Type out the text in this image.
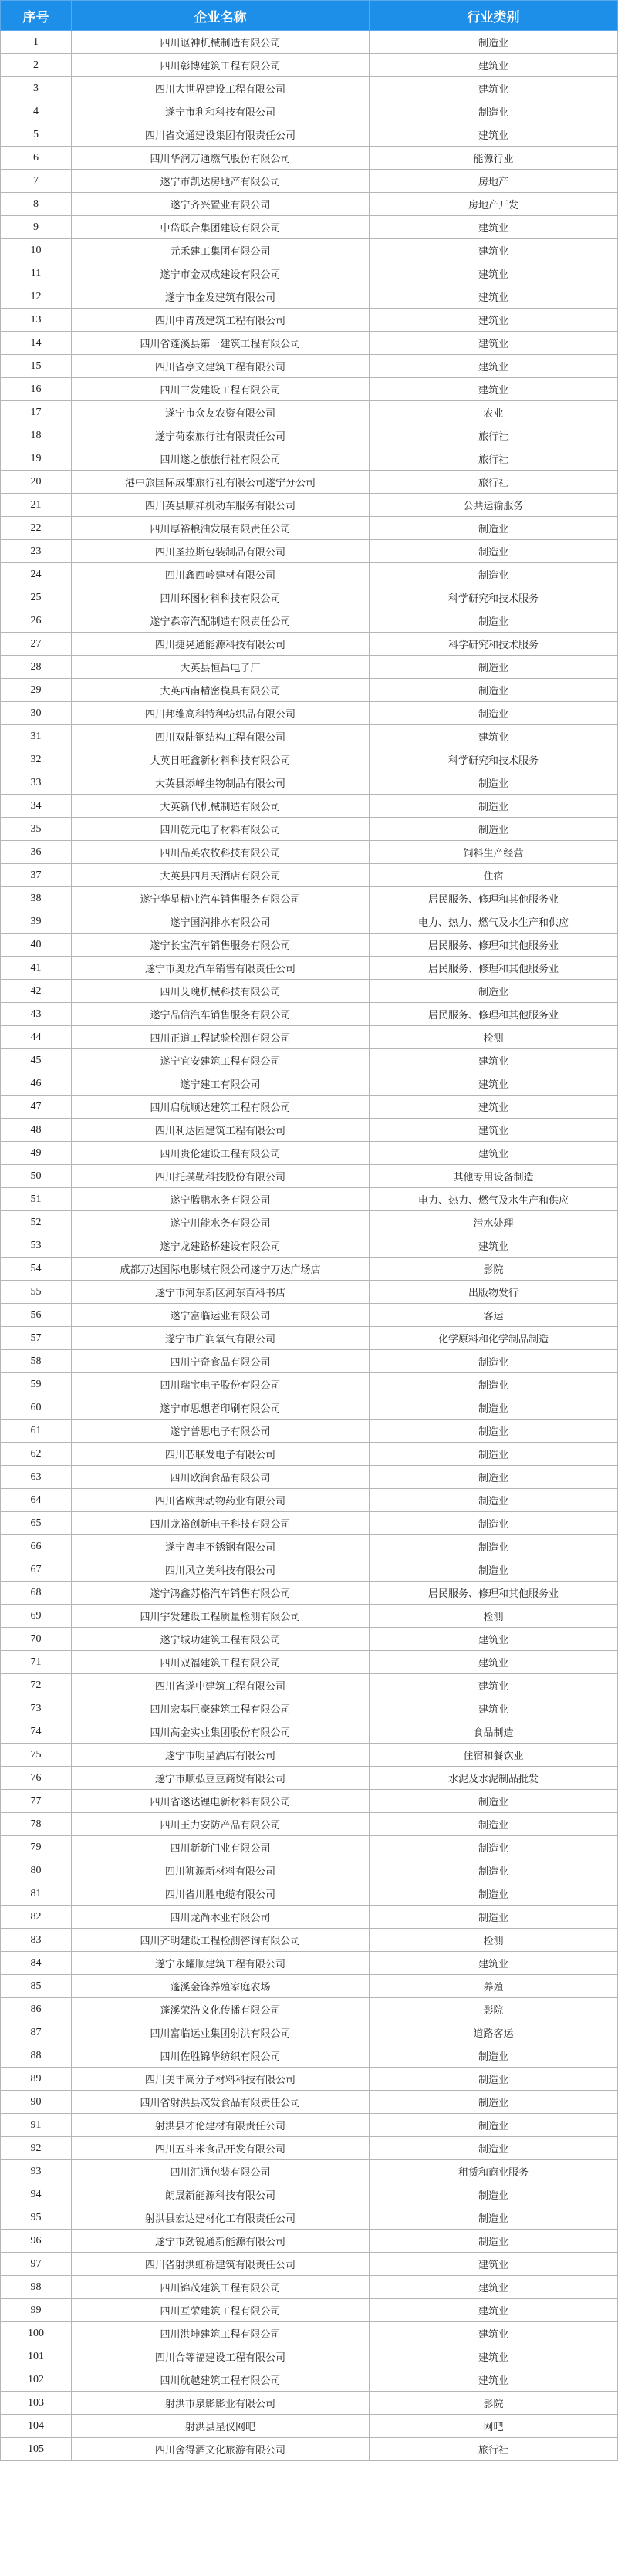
序号	企业名称	行业类别
1	四川讴神机械制造有限公司	制造业
2	四川彰博建筑工程有限公司	建筑业
3	四川大世界建设工程有限公司	建筑业
4	遂宁市利和科技有限公司	制造业
5	四川省交通建设集团有限责任公司	建筑业
6	四川华润万通燃气股份有限公司	能源行业
7	遂宁市凯达房地产有限公司	房地产
8	遂宁齐兴置业有限公司	房地产开发
9	中岱联合集团建设有限公司	建筑业
10	元禾建工集团有限公司	建筑业
11	遂宁市金双成建设有限公司	建筑业
12	遂宁市金发建筑有限公司	建筑业
13	四川中青茂建筑工程有限公司	建筑业
14	四川省蓬溪县第一建筑工程有限公司	建筑业
15	四川省亭文建筑工程有限公司	建筑业
16	四川三发建设工程有限公司	建筑业
17	遂宁市众友农资有限公司	农业
18	遂宁荷泰旅行社有限责任公司	旅行社
19	四川遂之旅旅行社有限公司	旅行社
20	港中旅国际成都旅行社有限公司遂宁分公司	旅行社
21	四川英县顺祥机动车服务有限公司	公共运输服务
22	四川厚裕粮油发展有限责任公司	制造业
23	四川圣拉斯包装制品有限公司	制造业
24	四川鑫西岭建材有限公司	制造业
25	四川环图材料科技有限公司	科学研究和技术服务
26	遂宁森帝汽配制造有限责任公司	制造业
27	四川捷晃通能源科技有限公司	科学研究和技术服务
28	大英县恒昌电子厂	制造业
29	大英西南精密模具有限公司	制造业
30	四川邦维高科特种纺织品有限公司	制造业
31	四川双陆钢结构工程有限公司	建筑业
32	大英日旺鑫新材料科技有限公司	科学研究和技术服务
33	大英县添峰生物制品有限公司	制造业
34	大英新代机械制造有限公司	制造业
35	四川乾元电子材料有限公司	制造业
36	四川品英农牧科技有限公司	饲料生产经营
37	大英县四月天酒店有限公司	住宿
38	遂宁华星精业汽车销售服务有限公司	居民服务、修理和其他服务业
39	遂宁国润排水有限公司	电力、热力、燃气及水生产和供应
40	遂宁长宝汽车销售服务有限公司	居民服务、修理和其他服务业
41	遂宁市奥龙汽车销售有限责任公司	居民服务、修理和其他服务业
42	四川艾瑰机械科技有限公司	制造业
43	遂宁品信汽车销售服务有限公司	居民服务、修理和其他服务业
44	四川正道工程试验检测有限公司	检测
45	遂宁宜安建筑工程有限公司	建筑业
46	遂宁建工有限公司	建筑业
47	四川启航顺达建筑工程有限公司	建筑业
48	四川利达园建筑工程有限公司	建筑业
49	四川贵伦建设工程有限公司	建筑业
50	四川托璞勒科技股份有限公司	其他专用设备制造
51	遂宁腾鹏水务有限公司	电力、热力、燃气及水生产和供应
52	遂宁川能水务有限公司	污水处理
53	遂宁龙建路桥建设有限公司	建筑业
54	成都万达国际电影城有限公司遂宁万达广场店	影院
55	遂宁市河东新区河东百科书店	出版物发行
56	遂宁富临运业有限公司	客运
57	遂宁市广润氧气有限公司	化学原料和化学制品制造
58	四川宁奇食品有限公司	制造业
59	四川瑞宝电子股份有限公司	制造业
60	遂宁市思想者印刷有限公司	制造业
61	遂宁普思电子有限公司	制造业
62	四川芯联发电子有限公司	制造业
63	四川欧润食品有限公司	制造业
64	四川省欧邦动物药业有限公司	制造业
65	四川龙裕创新电子科技有限公司	制造业
66	遂宁粤丰不锈钢有限公司	制造业
67	四川风立美科技有限公司	制造业
68	遂宁鸿鑫苏格汽车销售有限公司	居民服务、修理和其他服务业
69	四川宇发建设工程质量检测有限公司	检测
70	遂宁城功建筑工程有限公司	建筑业
71	四川双福建筑工程有限公司	建筑业
72	四川省遂中建筑工程有限公司	建筑业
73	四川宏基巨豪建筑工程有限公司	建筑业
74	四川高金实业集团股份有限公司	食品制造
75	遂宁市明星酒店有限公司	住宿和餐饮业
76	遂宁市顺弘豆豆商贸有限公司	水泥及水泥制品批发
77	四川省遂达锂电新材料有限公司	制造业
78	四川王力安防产品有限公司	制造业
79	四川新新门业有限公司	制造业
80	四川狮源新材料有限公司	制造业
81	四川省川胜电缆有限公司	制造业
82	四川龙尚木业有限公司	制造业
83	四川齐明建设工程检测咨询有限公司	检测
84	遂宁永耀顺建筑工程有限公司	建筑业
85	蓬溪金锋养殖家庭农场	养殖
86	蓬溪荣浩文化传播有限公司	影院
87	四川富临运业集团射洪有限公司	道路客运
88	四川佐胜锦华纺织有限公司	制造业
89	四川美丰高分子材料科技有限公司	制造业
90	四川省射洪县茂发食品有限责任公司	制造业
91	射洪县才伦建材有限责任公司	制造业
92	四川五斗米食品开发有限公司	制造业
93	四川汇通包装有限公司	租赁和商业服务
94	朗晟新能源科技有限公司	制造业
95	射洪县宏达建材化工有限责任公司	制造业
96	遂宁市劲锐通新能源有限公司	制造业
97	四川省射洪虹桥建筑有限责任公司	建筑业
98	四川锦茂建筑工程有限公司	建筑业
99	四川互荣建筑工程有限公司	建筑业
100	四川洪坤建筑工程有限公司	建筑业
101	四川合等福建设工程有限公司	建筑业
102	四川航越建筑工程有限公司	建筑业
103	射洪市泉影影业有限公司	影院
104	射洪县星仪网吧	网吧
105	四川舍得酒文化旅游有限公司	旅行社
